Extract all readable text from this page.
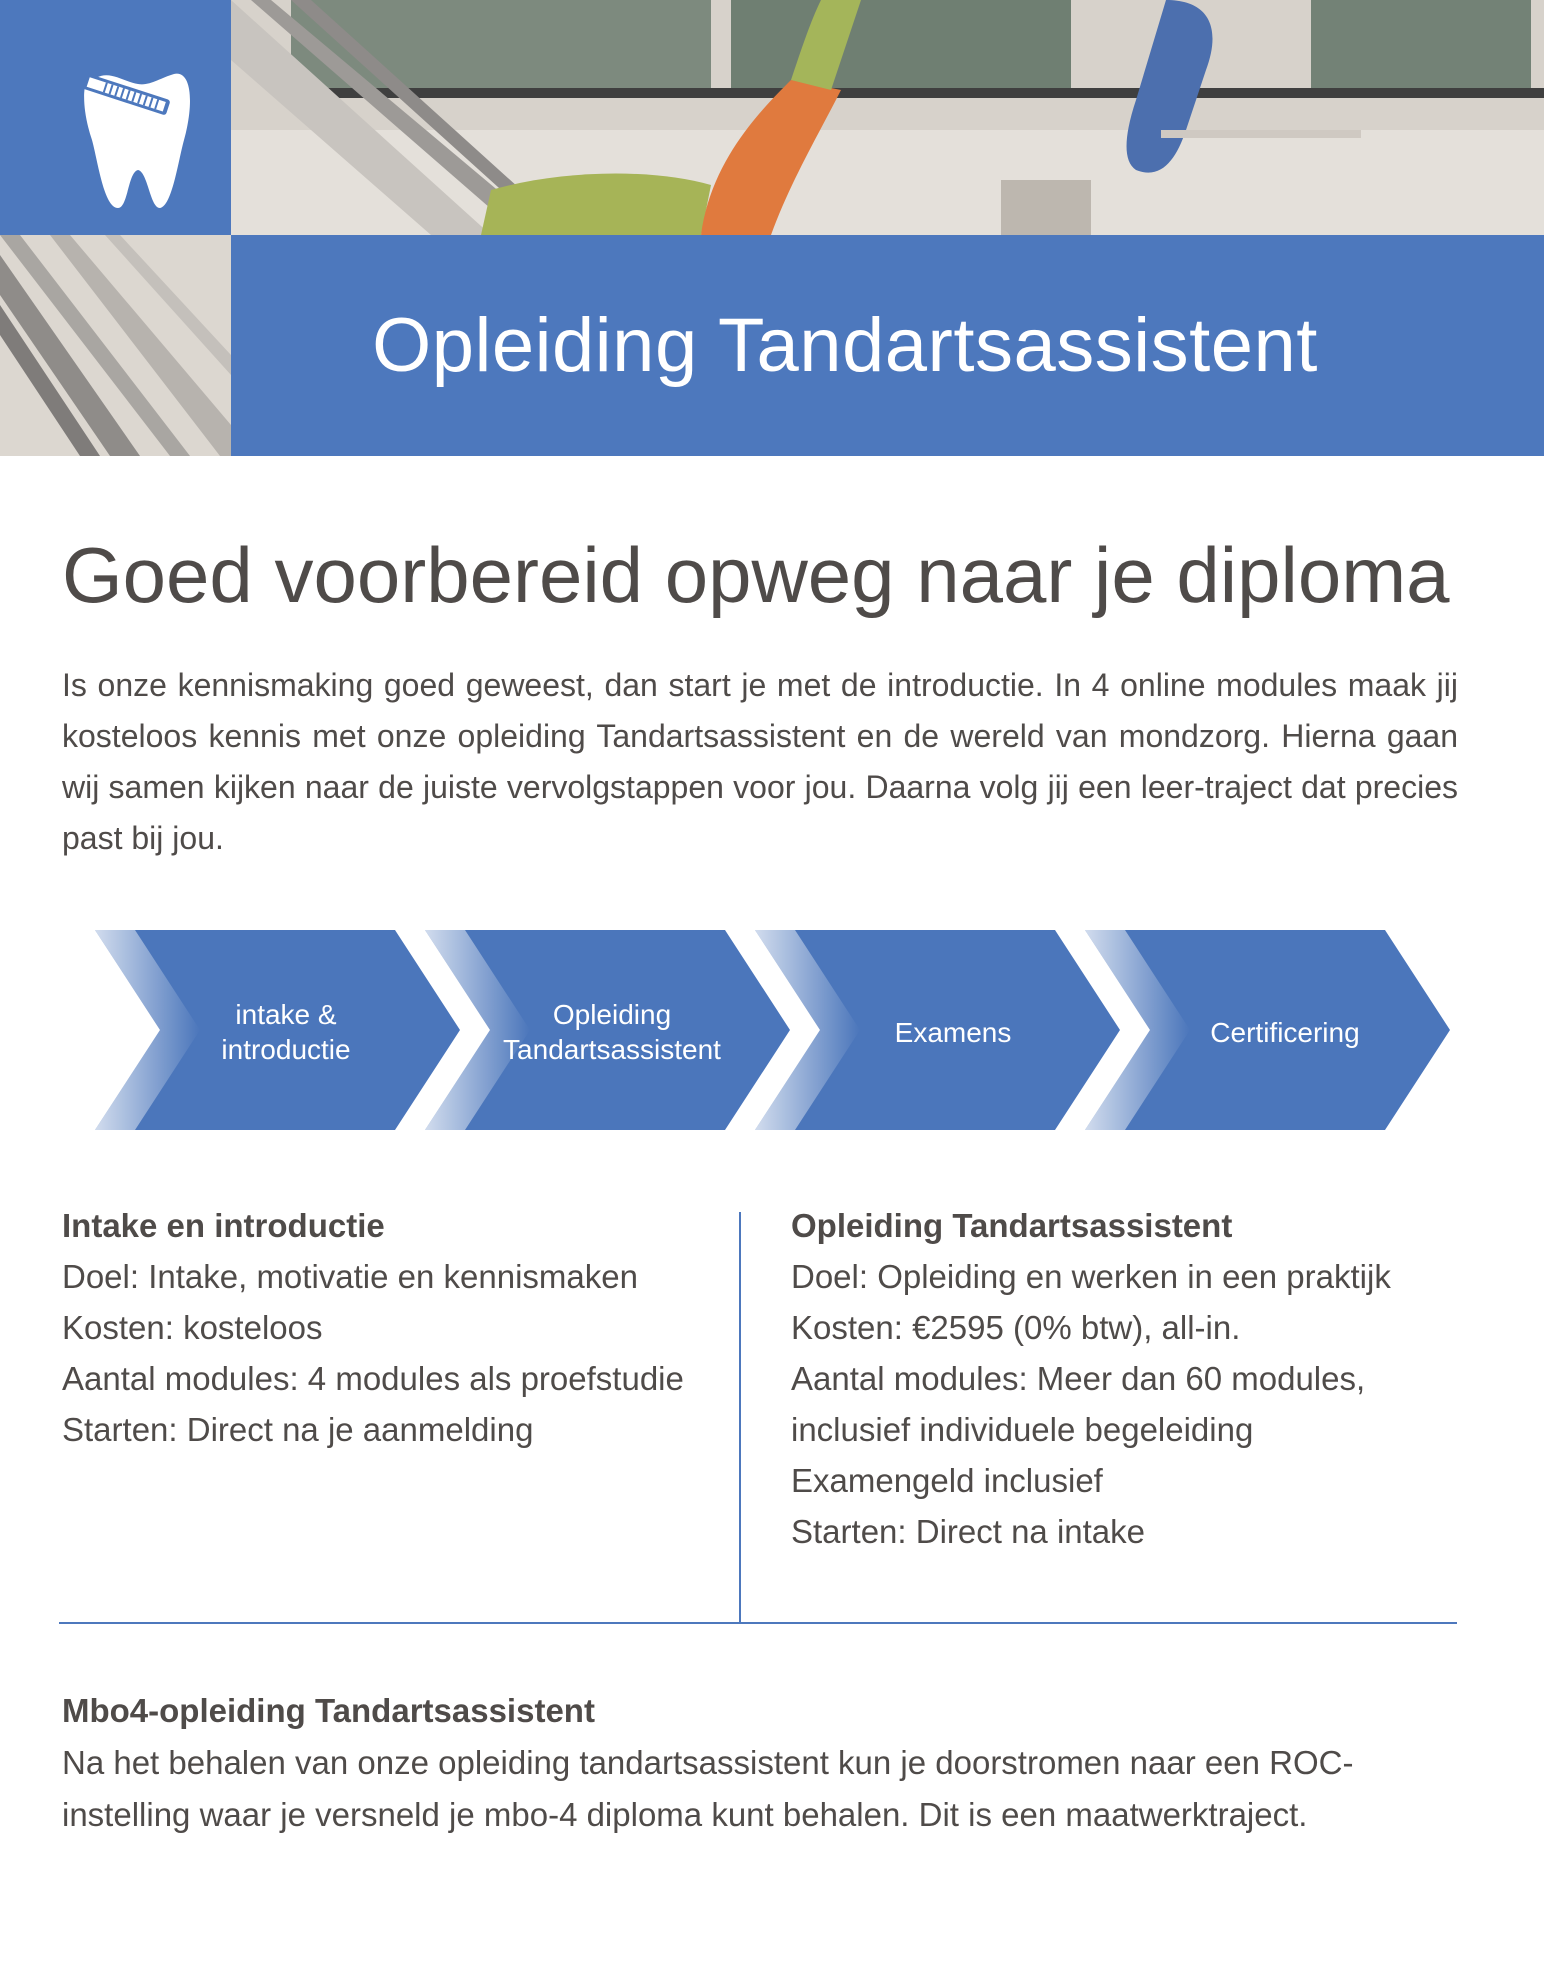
Opleiding Tandartsassistent
Goed voorbereid opweg naar je diploma

Is onze kennismaking goed geweest, dan start je met de introductie. In 4 online modules maak jij kosteloos kennis met onze opleiding Tandartsassistent en de wereld van mondzorg. Hierna gaan wij samen kijken naar de juiste vervolgstappen voor jou. Daarna volg jij een leer-traject dat precies past bij jou.

intake &
introductie
Opleiding
Tandartsassistent
Examens	Certificering

Intake en introductie

Doel: Intake, motivatie en kennismaken

Kosten: kosteloos

Aantal modules: 4 modules als proefstudie

Starten: Direct na je aanmelding

Opleiding Tandartsassistent

Doel: Opleiding en werken in een praktijk

Kosten: €2595 (0% btw), all-in.

Aantal modules: Meer dan 60 modules,

inclusief individuele begeleiding

Examengeld inclusief

Starten: Direct na intake

Mbo4-opleiding Tandartsassistent

Na het behalen van onze opleiding tandartsassistent kun je doorstromen naar een ROC-instelling waar je versneld je mbo-4 diploma kunt behalen. Dit is een maatwerktraject.
